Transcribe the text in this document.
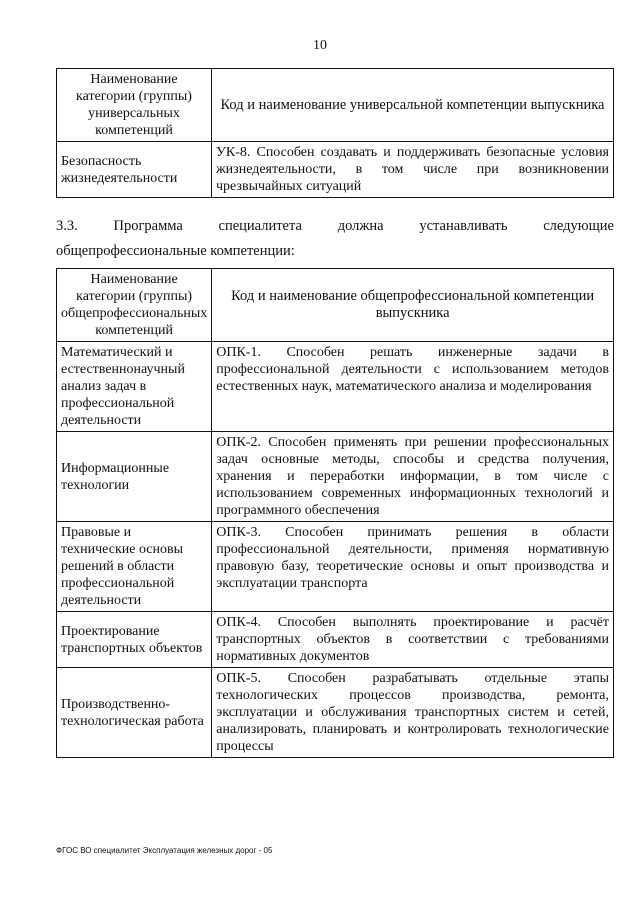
10
Наименование категории (группы) универсальных компетенций	Код и наименование универсальной компетенции выпускника
Безопасность жизнедеятельности	УК-8. Способен создавать и поддерживать безопасные условия жизнедеятельности, в том числе при возникновении чрезвычайных ситуаций
3.3. Программа специалитета должна устанавливать следующие
общепрофессиональные компетенции:
Наименование категории (группы) общепрофессиональных компетенций	Код и наименование общепрофессиональной компетенции выпускника
Математический и естественнонаучный анализ задач в профессиональной деятельности	ОПК-1. Способен решать инженерные задачи в профессиональной деятельности с использованием методов естественных наук, математического анализа и моделирования
Информационные технологии	ОПК-2. Способен применять при решении профессиональных задач основные методы, способы и средства получения, хранения и переработки информации, в том числе с использованием современных информационных технологий и программного обеспечения
Правовые и технические основы решений в области профессиональной деятельности	ОПК-3. Способен принимать решения в области профессиональной деятельности, применяя нормативную правовую базу, теоретические основы и опыт производства и эксплуатации транспорта
Проектирование транспортных объектов	ОПК-4. Способен выполнять проектирование и расчёт транспортных объектов в соответствии с требованиями нормативных документов
Производственно-технологическая работа	ОПК-5. Способен разрабатывать отдельные этапы технологических процессов производства, ремонта, эксплуатации и обслуживания транспортных систем и сетей, анализировать, планировать и контролировать технологические процессы
ФГОС ВО специалитет Эксплуатация железных дорог - 05
